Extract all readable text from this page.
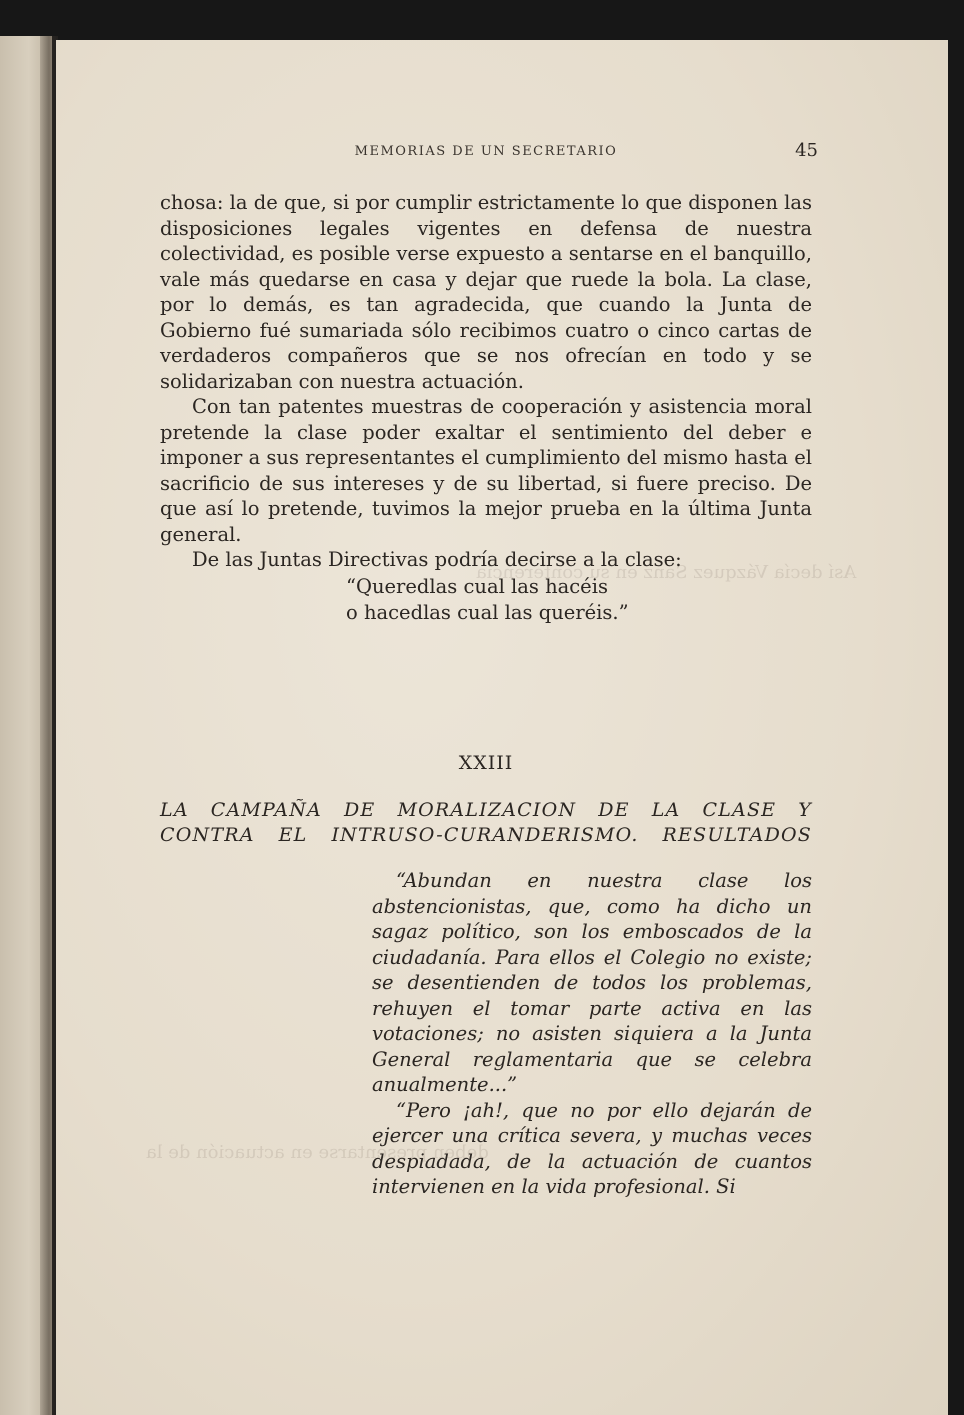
Así decía Vázquez Sanz en su conferencia
deben presentarse en actuación de la
MEMORIAS DE UN SECRETARIO	45

chosa: la de que, si por cumplir estrictamente lo que disponen las disposiciones legales vigentes en defensa de nuestra colectividad, es posible verse expuesto a sentarse en el banquillo, vale más quedarse en casa y dejar que ruede la bola. La clase, por lo demás, es tan agradecida, que cuando la Junta de Gobierno fué sumariada sólo recibimos cuatro o cinco cartas de verdaderos compañeros que se nos ofrecían en todo y se solidarizaban con nuestra actuación.

Con tan patentes muestras de cooperación y asistencia moral pretende la clase poder exaltar el sentimiento del deber e imponer a sus representantes el cumplimiento del mismo hasta el sacrificio de sus intereses y de su libertad, si fuere preciso. De que así lo pretende, tuvimos la mejor prueba en la última Junta general.

De las Juntas Directivas podría decirse a la clase:

“Queredlas cual las hacéis

o hacedlas cual las queréis.”

XXIII
LA CAMPAÑA DE MORALIZACION DE LA CLASE Y
CONTRA EL INTRUSO-CURANDERISMO. RESULTADOS

“Abundan en nuestra clase los abstencionistas, que, como ha dicho un sagaz político, son los emboscados de la ciudadanía. Para ellos el Colegio no existe; se desentienden de todos los problemas, rehuyen el tomar parte activa en las votaciones; no asisten siquiera a la Junta General reglamentaria que se celebra anualmente...”

“Pero ¡ah!, que no por ello dejarán de ejercer una crítica severa, y muchas veces despiadada, de la actuación de cuantos intervienen en la vida profesional. Si
